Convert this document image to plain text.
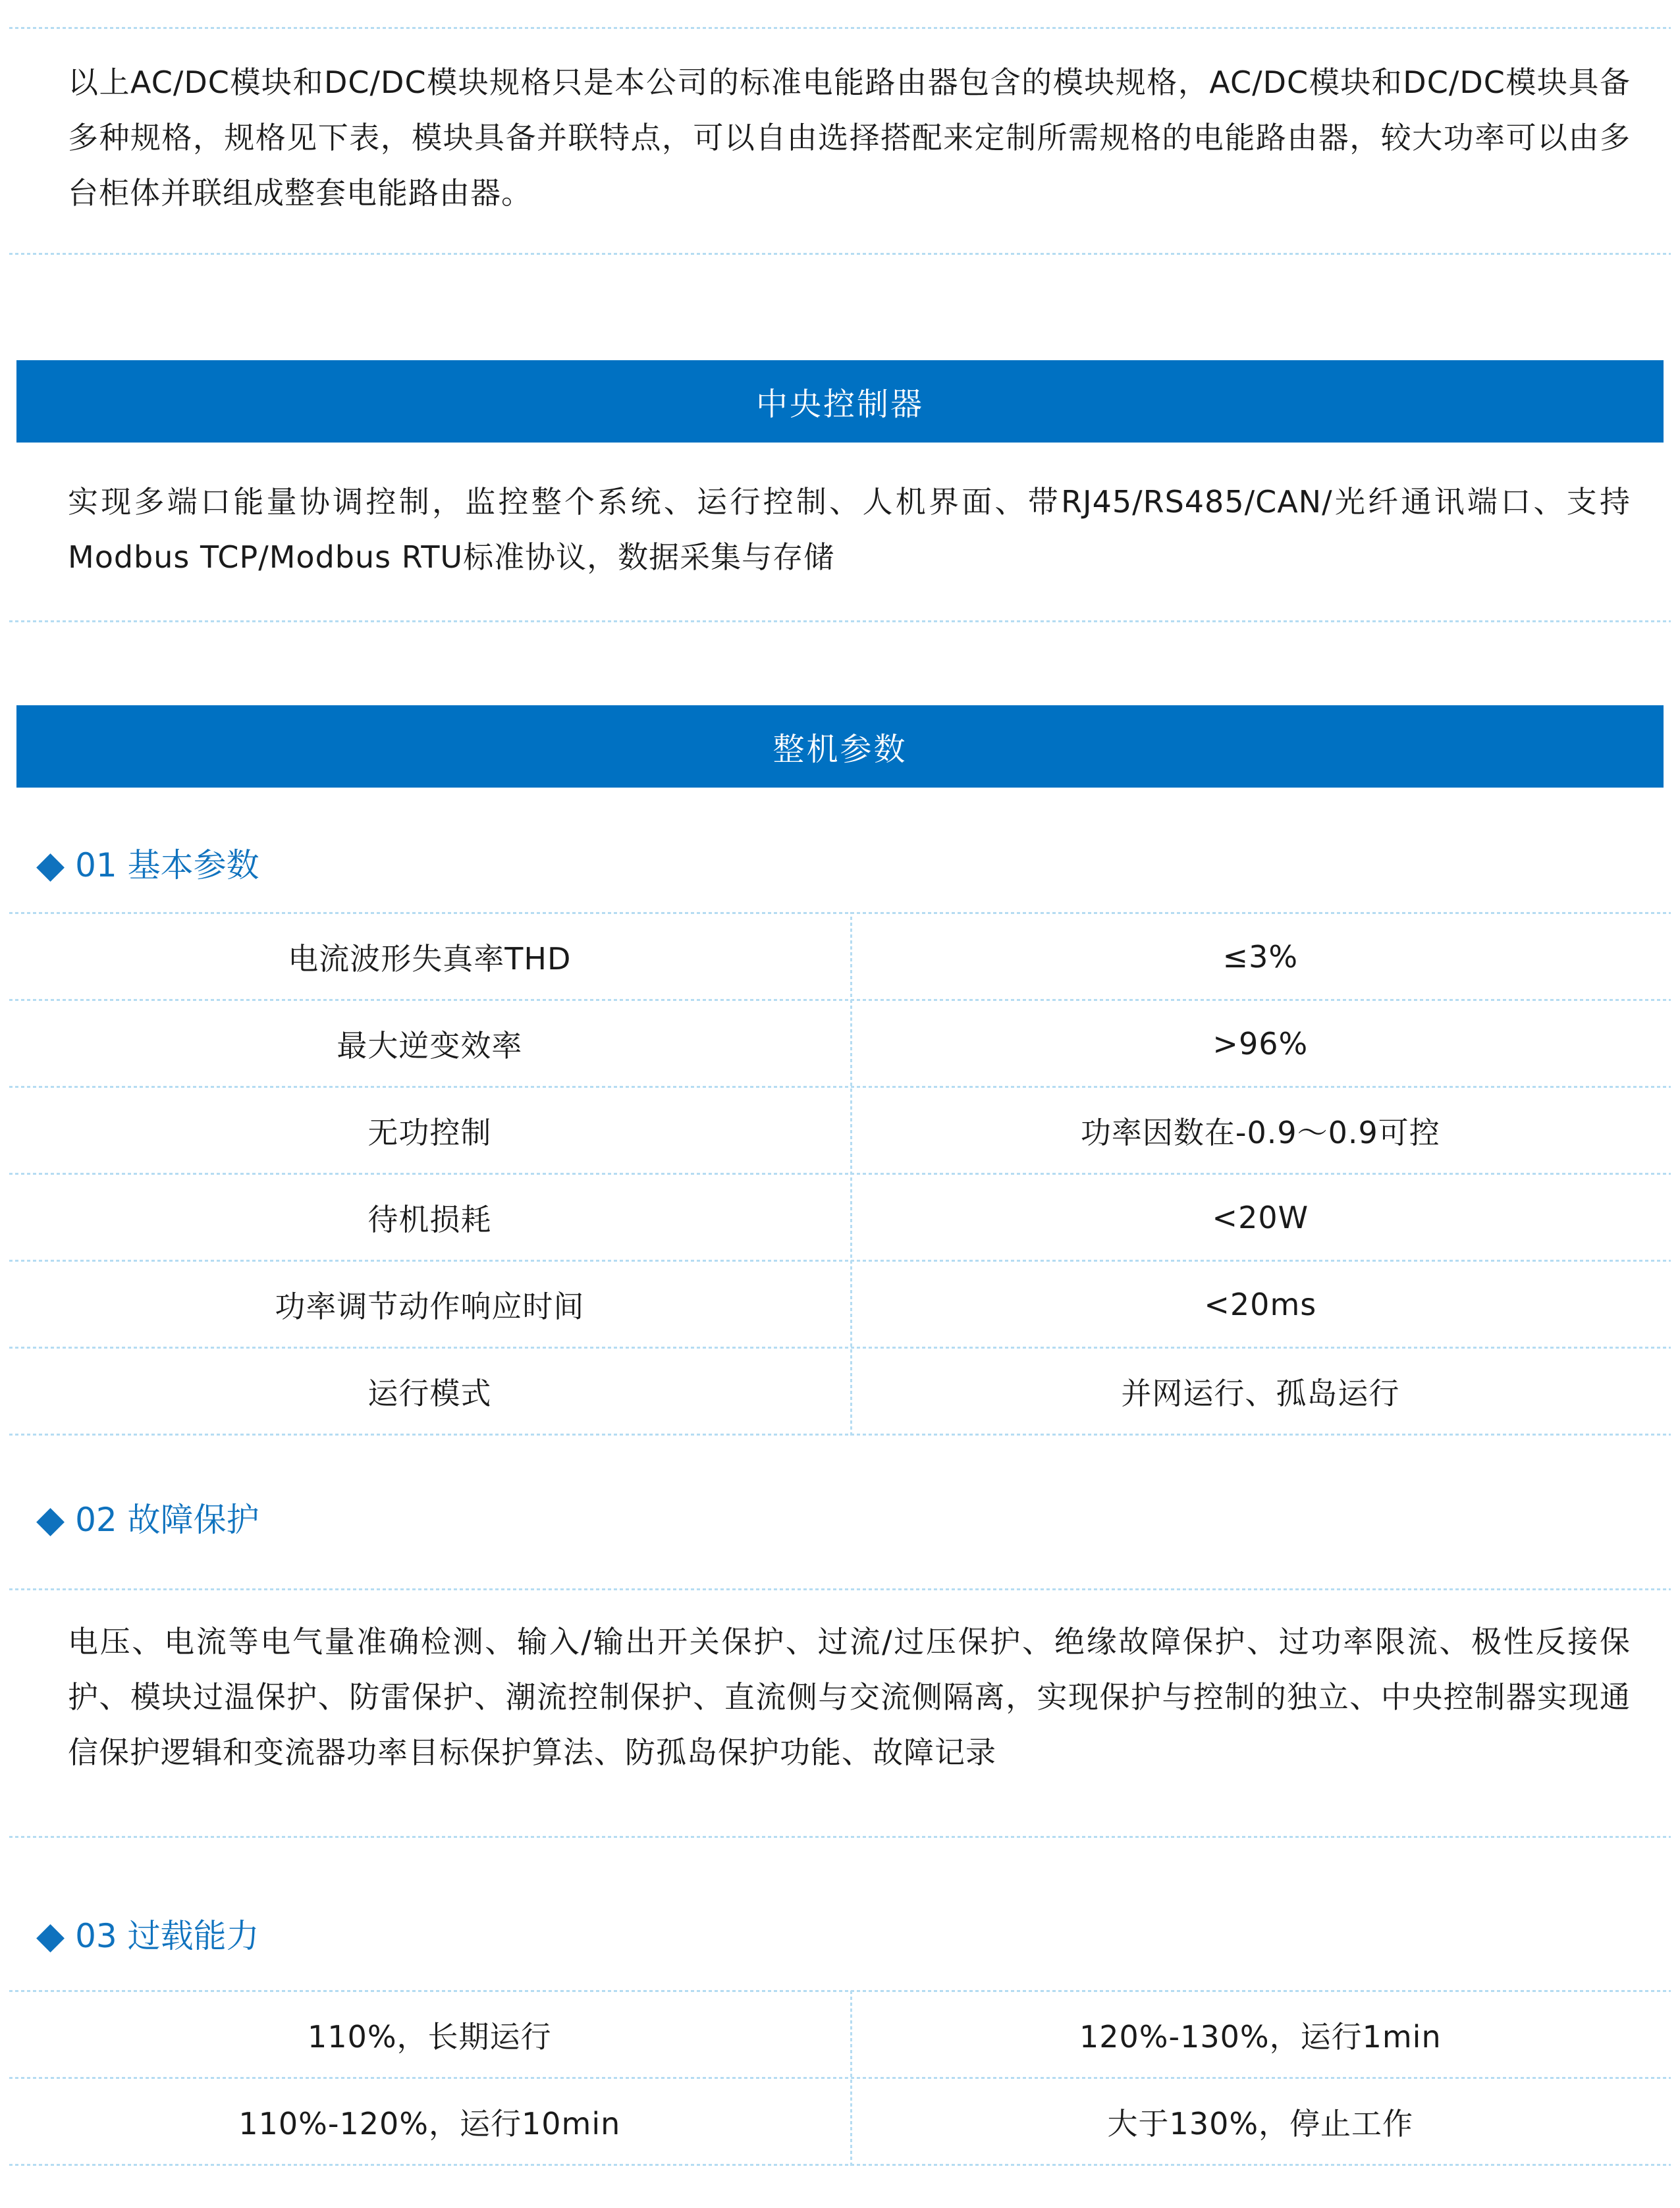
以上AC/DC模块和DC/DC模块规格只是本公司的标准电能路由器包含的模块规格，AC/DC模块和DC/DC模块具备多种规格，规格见下表，模块具备并联特点，可以自由选择搭配来定制所需规格的电能路由器，较大功率可以由多台柜体并联组成整套电能路由器。

中央控制器

实现多端口能量协调控制，监控整个系统、运行控制、人机界面、带RJ45/RS485/CAN/光纤通讯端口、支持Modbus TCP/Modbus RTU标准协议，数据采集与存储

整机参数
◆ 01 基本参数
电流波形失真率THD	≤3%
最大逆变效率	>96%
无功控制	功率因数在-0.9～0.9可控
待机损耗	<20W
功率调节动作响应时间	<20ms
运行模式	并网运行、孤岛运行
◆ 02 故障保护

电压、电流等电气量准确检测、输入/输出开关保护、过流/过压保护、绝缘故障保护、过功率限流、极性反接保护、模块过温保护、防雷保护、潮流控制保护、直流侧与交流侧隔离，实现保护与控制的独立、中央控制器实现通信保护逻辑和变流器功率目标保护算法、防孤岛保护功能、故障记录

◆ 03 过载能力
110%，长期运行	120%-130%，运行1min
110%-120%，运行10min	大于130%，停止工作
